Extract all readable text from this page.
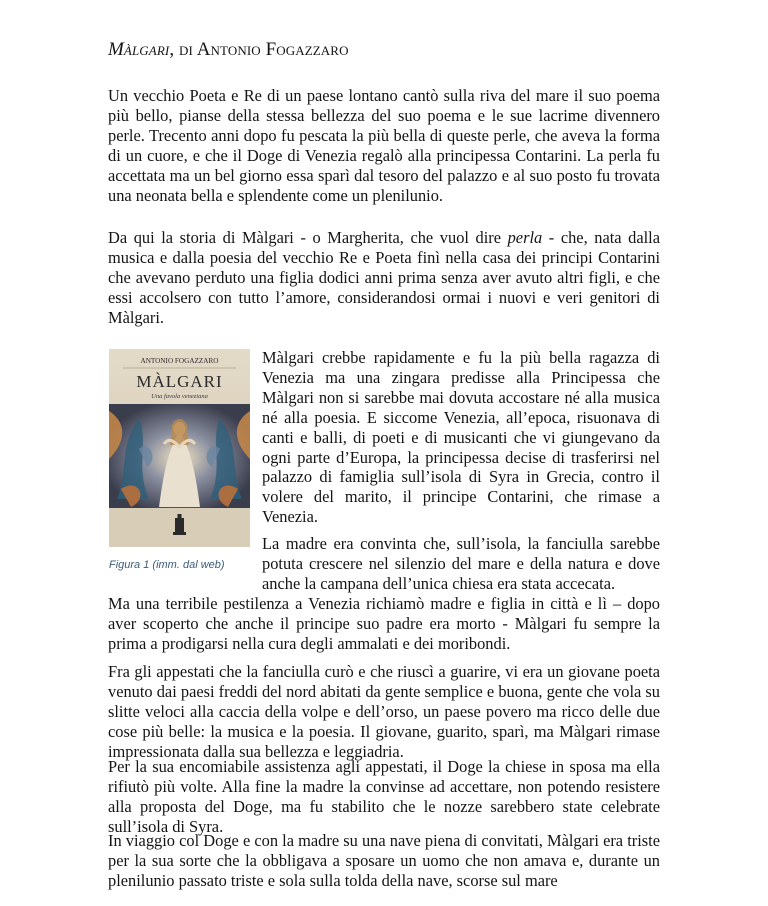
Màlgari, di Antonio Fogazzaro

Un vecchio Poeta e Re di un paese lontano cantò sulla riva del mare il suo poema più bello, pianse della stessa bellezza del suo poema e le sue lacrime divennero perle. Trecento anni dopo fu pescata la più bella di queste perle, che aveva la forma di un cuore, e che il Doge di Venezia regalò alla principessa Contarini. La perla fu accettata ma un bel giorno essa sparì dal tesoro del palazzo e al suo posto fu trovata una neonata bella e splendente come un plenilunio.

Da qui la storia di Màlgari - o Margherita, che vuol dire perla - che, nata dalla musica e dalla poesia del vecchio Re e Poeta finì nella casa dei principi Contarini che avevano perduto una figlia dodici anni prima senza aver avuto altri figli, e che essi accolsero con tutto l’amore, considerandosi ormai i nuovi e veri genitori di Màlgari.

ANTONIO FOGAZZARO
MÀLGARI
Una favola veneziana

Figura 1 (imm. dal web)

Màlgari crebbe rapidamente e fu la più bella ragazza di Venezia ma una zingara predisse alla Principessa che Màlgari non si sarebbe mai dovuta accostare né alla musica né alla poesia. E siccome Venezia, all’epoca, risuonava di canti e balli, di poeti e di musicanti che vi giungevano da ogni parte d’Europa, la principessa decise di trasferirsi nel palazzo di famiglia sull’isola di Syra in Grecia, contro il volere del marito, il principe Contarini, che rimase a Venezia.

La madre era convinta che, sull’isola, la fanciulla sarebbe potuta crescere nel silenzio del mare e della natura e dove anche la campana dell’unica chiesa era stata accecata.

Ma una terribile pestilenza a Venezia richiamò madre e figlia in città e lì – dopo aver scoperto che anche il principe suo padre era morto - Màlgari fu sempre la prima a prodigarsi nella cura degli ammalati e dei moribondi.

Fra gli appestati che la fanciulla curò e che riuscì a guarire, vi era un giovane poeta venuto dai paesi freddi del nord abitati da gente semplice e buona, gente che vola su slitte veloci alla caccia della volpe e dell’orso, un paese povero ma ricco delle due cose più belle: la musica e la poesia. Il giovane, guarito, sparì, ma Màlgari rimase impressionata dalla sua bellezza e leggiadria.

Per la sua encomiabile assistenza agli appestati, il Doge la chiese in sposa ma ella rifiutò più volte. Alla fine la madre la convinse ad accettare, non potendo resistere alla proposta del Doge, ma fu stabilito che le nozze sarebbero state celebrate sull’isola di Syra.

In viaggio col Doge e con la madre su una nave piena di convitati, Màlgari era triste per la sua sorte che la obbligava a sposare un uomo che non amava e, durante un plenilunio passato triste e sola sulla tolda della nave, scorse sul mare
